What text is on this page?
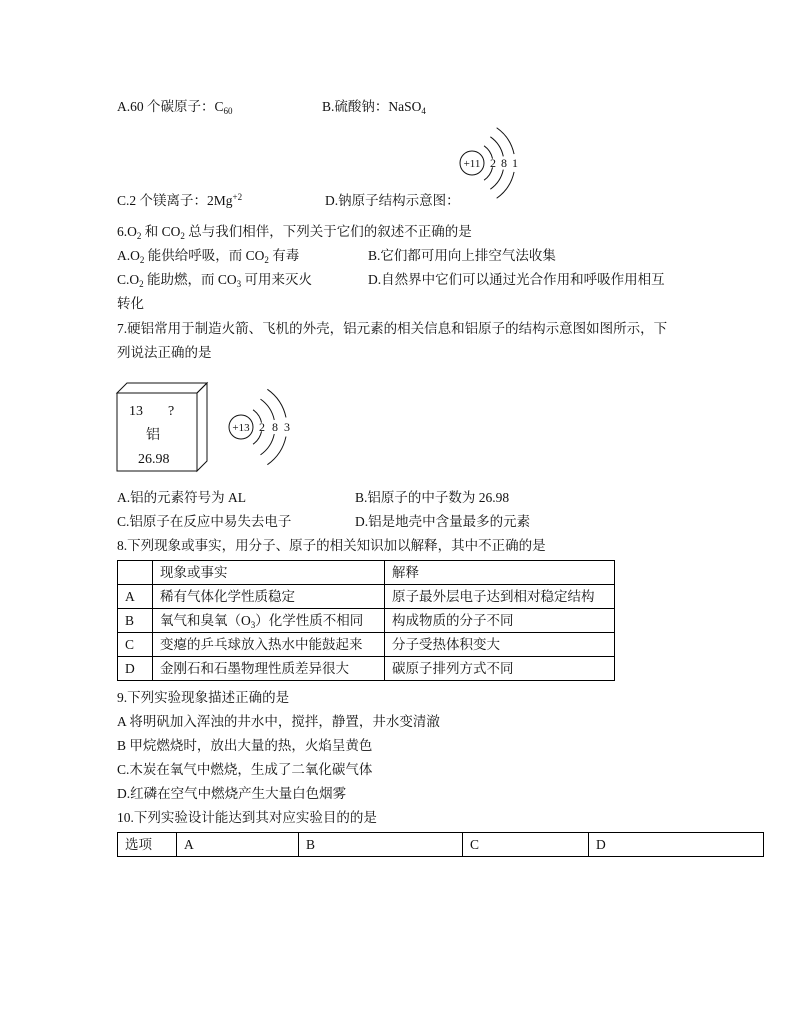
A.60 个碳原子：$C_{60}$	B.硫酸钠：NaSO$_4$
+11 2 8 1
C.2 个镁离子：$2Mg^{+2}$	D.钠原子结构示意图：
$6.O_2$ 和 $CO_2$ 总与我们相伴，下列关于它们的叙述不正确的是
$A.O_2$ 能供给呼吸，而 $CO_2$ 有毒	B.它们都可用向上排空气法收集
$C.O_2$ 能助燃，而 $CO_3$ 可用来灭火	D.自然界中它们可以通过光合作用和呼吸作用相互
转化
7.硬铝常用于制造火箭、飞机的外壳，铝元素的相关信息和铝原子的结构示意图如图所示，下
列说法正确的是
13 ?
铝
26.98
+13 2 8 3
A.铝的元素符号为 AL	B.铝原子的中子数为 26.98
C.铝原子在反应中易失去电子	D.铝是地壳中含量最多的元素
8.下列现象或事实，用分子、原子的相关知识加以解释，其中不正确的是
	现象或事实	解释
A	稀有气体化学性质稳定	原子最外层电子达到相对稳定结构
B	氧气和臭氧$(O_3)$化学性质不相同	构成物质的分子不同
C	变瘪的乒乓球放入热水中能鼓起来	分子受热体积变大
D	金刚石和石墨物理性质差异很大	碳原子排列方式不同
9.下列实验现象描述正确的是
A 将明矾加入浑浊的井水中，搅拌，静置，井水变清澈
B 甲烷燃烧时，放出大量的热，火焰呈黄色
C.木炭在氧气中燃烧，生成了二氧化碳气体
D.红磷在空气中燃烧产生大量白色烟雾
10.下列实验设计能达到其对应实验目的的是
选项	A	B	C	D
